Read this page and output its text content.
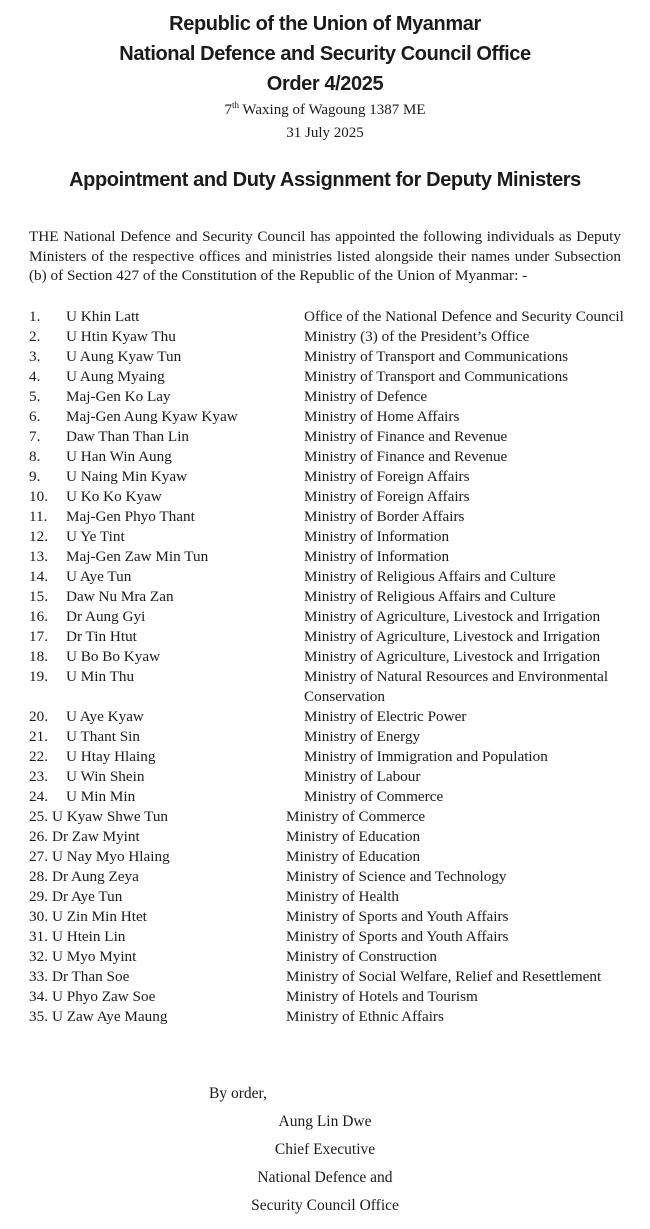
Republic of the Union of Myanmar
National Defence and Security Council Office
Order 4/2025
7th Waxing of Wagoung 1387 ME
31 July 2025
Appointment and Duty Assignment for Deputy Ministers
THE National Defence and Security Council has appointed the following individuals as Deputy Ministers of the respective offices and ministries listed alongside their names under Subsection (b) of Section 427 of the Constitution of the Republic of the Union of Myanmar: -
1.	U Khin Latt	Office of the National Defence and Security Council
2.	U Htin Kyaw Thu	Ministry (3) of the President’s Office
3.	U Aung Kyaw Tun	Ministry of Transport and Communications
4.	U Aung Myaing	Ministry of Transport and Communications
5.	Maj-Gen Ko Lay	Ministry of Defence
6.	Maj-Gen Aung Kyaw Kyaw	Ministry of Home Affairs
7.	Daw Than Than Lin	Ministry of Finance and Revenue
8.	U Han Win Aung	Ministry of Finance and Revenue
9.	U Naing Min Kyaw	Ministry of Foreign Affairs
10.	U Ko Ko Kyaw	Ministry of Foreign Affairs
11.	Maj-Gen Phyo Thant	Ministry of Border Affairs
12.	U Ye Tint	Ministry of Information
13.	Maj-Gen Zaw Min Tun	Ministry of Information
14.	U Aye Tun	Ministry of Religious Affairs and Culture
15.	Daw Nu Mra Zan	Ministry of Religious Affairs and Culture
16.	Dr Aung Gyi	Ministry of Agriculture, Livestock and Irrigation
17.	Dr Tin Htut	Ministry of Agriculture, Livestock and Irrigation
18.	U Bo Bo Kyaw	Ministry of Agriculture, Livestock and Irrigation
19.	U Min Thu	Ministry of Natural Resources and Environmental Conservation
20.	U Aye Kyaw	Ministry of Electric Power
21.	U Thant Sin	Ministry of Energy
22.	U Htay Hlaing	Ministry of Immigration and Population
23.	U Win Shein	Ministry of Labour
24.	U Min Min	Ministry of Commerce
25. U Kyaw Shwe Tun	Ministry of Commerce
26. Dr Zaw Myint	Ministry of Education
27. U Nay Myo Hlaing	Ministry of Education
28. Dr Aung Zeya	Ministry of Science and Technology
29. Dr Aye Tun	Ministry of Health
30. U Zin Min Htet	Ministry of Sports and Youth Affairs
31. U Htein Lin	Ministry of Sports and Youth Affairs
32. U Myo Myint	Ministry of Construction
33. Dr Than Soe	Ministry of Social Welfare, Relief and Resettlement
34. U Phyo Zaw Soe	Ministry of Hotels and Tourism
35. U Zaw Aye Maung	Ministry of Ethnic Affairs
By order,
Aung Lin Dwe
Chief Executive
National Defence and
Security Council Office
